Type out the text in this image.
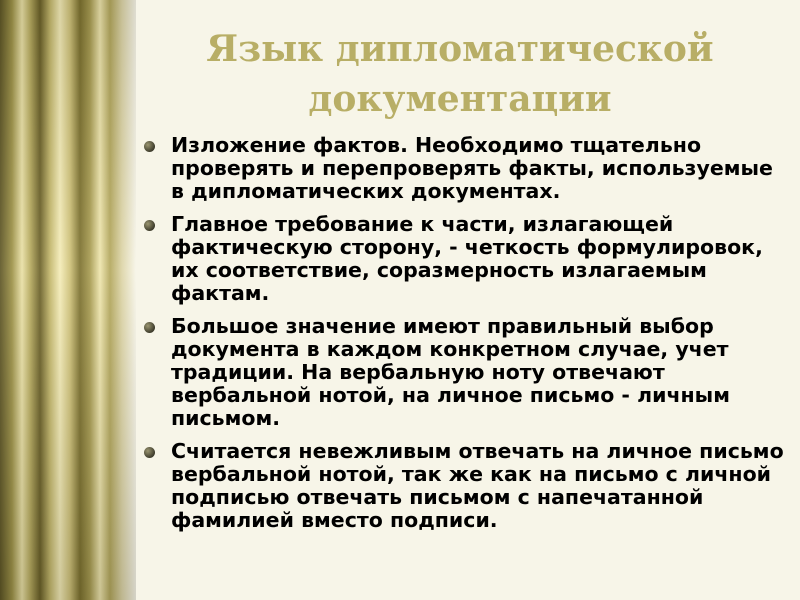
Язык дипломатической документации
Изложение фактов. Необходимо тщательно проверять и перепроверять факты, используемые в дипломатических документах.
Главное требование к части, излагающей фактическую сторону, - четкость формулировок, их соответствие, соразмерность излагаемым фактам.
Большое значение имеют правильный выбор документа в каждом конкретном случае, учет традиции. На вербальную ноту отвечают вербальной нотой, на личное письмо - личным письмом.
Считается невежливым отвечать на личное письмо вербальной нотой, так же как на письмо с личной подписью отвечать письмом с напечатанной фамилией вместо подписи.
